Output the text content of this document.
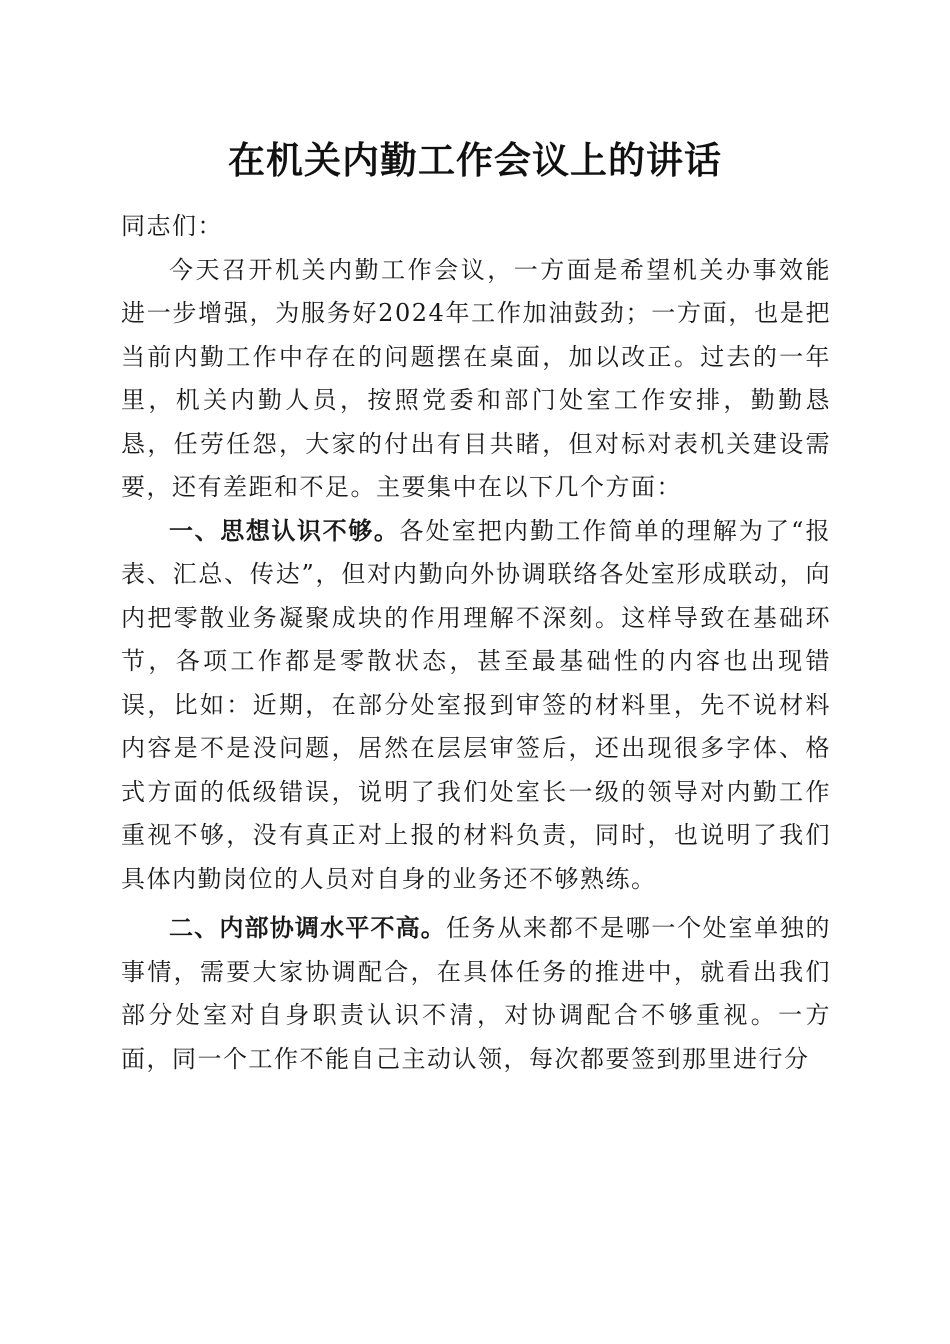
在机关内勤工作会议上的讲话

同志们：

今天召开机关内勤工作会议，一方面是希望机关办事效能进一步增强，为服务好2024年工作加油鼓劲；一方面，也是把当前内勤工作中存在的问题摆在桌面，加以改正。过去的一年里，机关内勤人员，按照党委和部门处室工作安排，勤勤恳恳，任劳任怨，大家的付出有目共睹，但对标对表机关建设需要，还有差距和不足。主要集中在以下几个方面：

一、思想认识不够。各处室把内勤工作简单的理解为了“报表、汇总、传达”，但对内勤向外协调联络各处室形成联动，向内把零散业务凝聚成块的作用理解不深刻。这样导致在基础环节，各项工作都是零散状态，甚至最基础性的内容也出现错误，比如：近期，在部分处室报到审签的材料里，先不说材料内容是不是没问题，居然在层层审签后，还出现很多字体、格式方面的低级错误，说明了我们处室长一级的领导对内勤工作重视不够，没有真正对上报的材料负责，同时，也说明了我们具体内勤岗位的人员对自身的业务还不够熟练。

二、内部协调水平不高。任务从来都不是哪一个处室单独的事情，需要大家协调配合，在具体任务的推进中，就看出我们部分处室对自身职责认识不清，对协调配合不够重视。一方面，同一个工作不能自己主动认领，每次都要签到那里进行分
